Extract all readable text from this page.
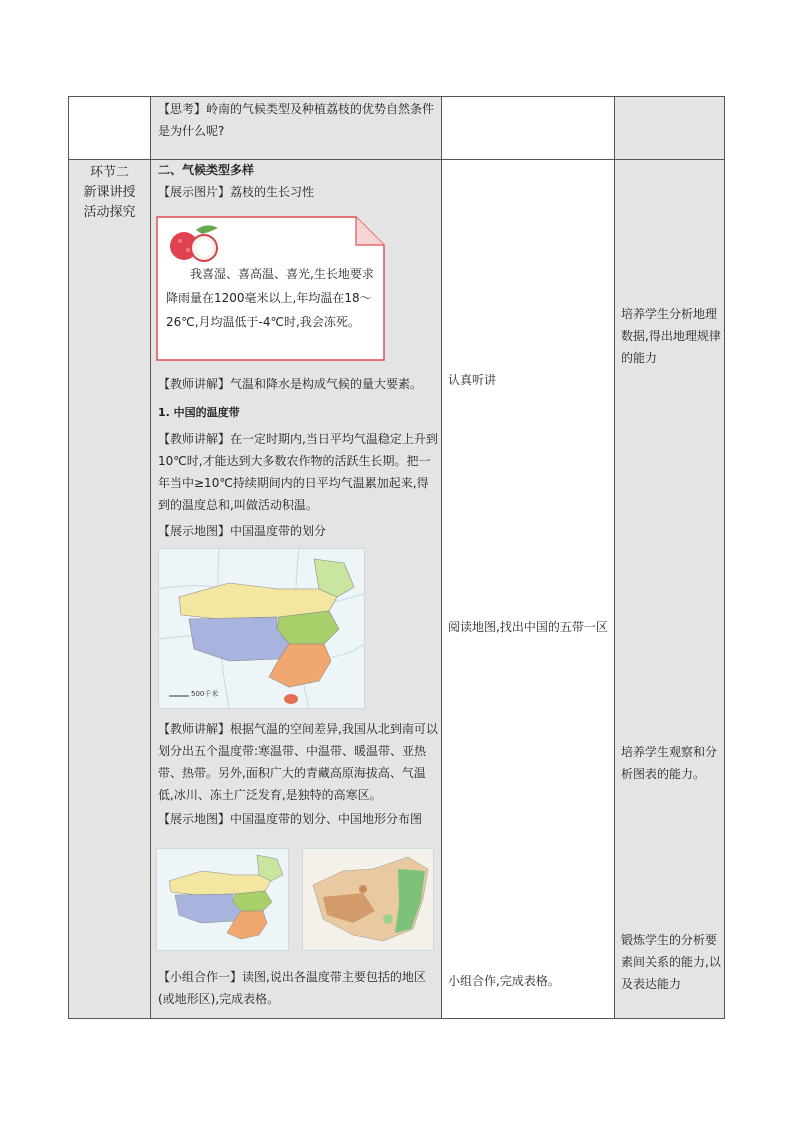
【思考】岭南的气候类型及种植荔枝的优势自然条件是为什么呢?
环节二
新课讲授
活动探究
二、气候类型多样
【展示图片】荔枝的生长习性
我喜湿、喜高温、喜光,生长地要求降雨量在1200毫米以上,年均温在18～26℃,月均温低于-4℃时,我会冻死。
【教师讲解】气温和降水是构成气候的量大要素。
1. 中国的温度带
【教师讲解】在一定时期内,当日平均气温稳定上升到10℃时,才能达到大多数农作物的活跃生长期。把一年当中≥10℃持续期间内的日平均气温累加起来,得到的温度总和,叫做活动积温。
【展示地图】中国温度带的划分
500千米
【教师讲解】根据气温的空间差异,我国从北到南可以划分出五个温度带:寒温带、中温带、暖温带、亚热带、热带。另外,面积广大的青藏高原海拔高、气温低,冰川、冻土广泛发育,是独特的高寒区。
【展示地图】中国温度带的划分、中国地形分布图
【小组合作一】读图,说出各温度带主要包括的地区(或地形区),完成表格。
认真听讲
阅读地图,找出中国的五带一区
小组合作,完成表格。
培养学生分析地理数据,得出地理规律的能力
培养学生观察和分析图表的能力。
锻炼学生的分析要素间关系的能力,以及表达能力
